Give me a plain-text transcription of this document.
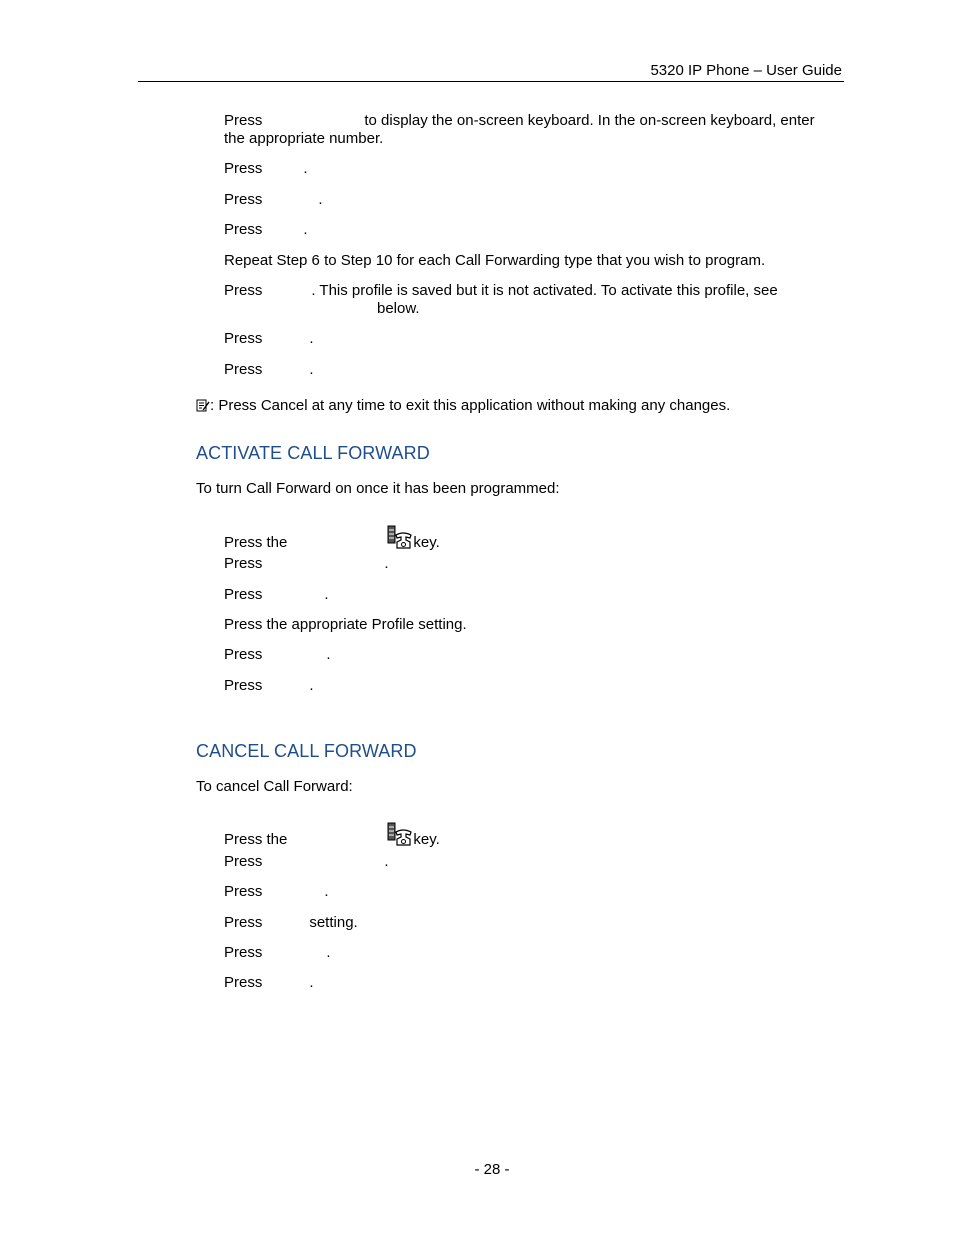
5320 IP Phone – User Guide
Press	to display the on-screen keyboard. In the on-screen keyboard, enter
the appropriate number.
Press	.
Press	.
Press	.
Repeat Step 6 to Step 10 for each Call Forwarding type that you wish to program.
Press	. This profile is saved but it is not activated. To activate this profile, see

below.
Press	.
Press	.
: Press Cancel at any time to exit this application without making any changes.
ACTIVATE CALL FORWARD
To turn Call Forward on once it has been programmed:
Press the	key.
Press	.
Press	.
Press the appropriate Profile setting.
Press	.
Press	.
CANCEL CALL FORWARD
To cancel Call Forward:
Press the	key.
Press	.
Press	.
Press	setting.
Press	.
Press	.
- 28 -
